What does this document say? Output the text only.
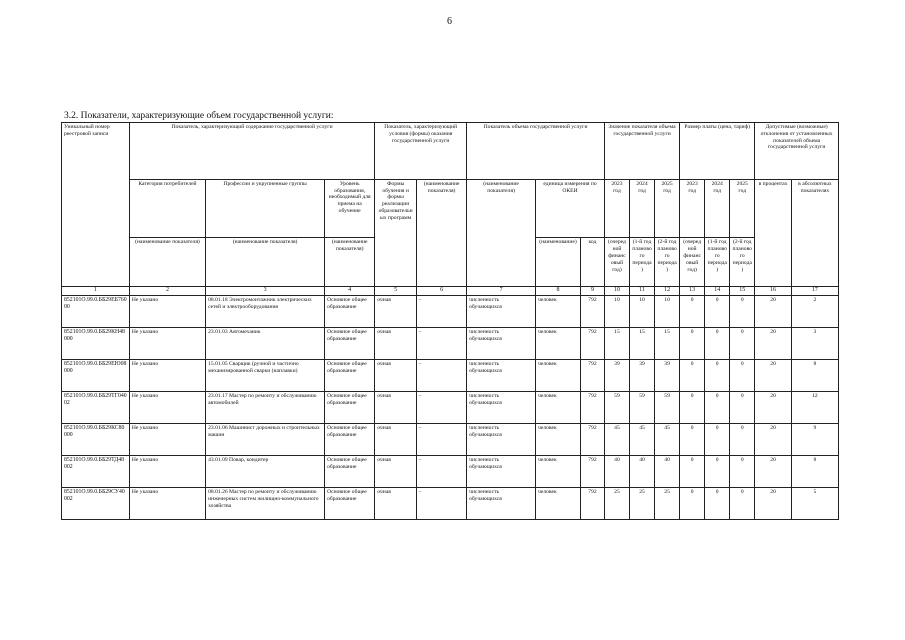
6
3.2. Показатели, характеризующие объем государственной услуги:
Уникальный номер реестровой записи	Показатель, характеризующий содержание государственной услуги			Показатель, характеризующий условия (формы) оказания государственной услуги		Показатель объема государственной услуги			Значение показателя объема государственной услуги			Размер платы (цена, тариф)			Допустимые (возможные) отклонения от установленных показателей объема государственной услуги	
	Категория потребителей	Профессии и укрупненные группы	Уровень образования, необходимый для приема на обучение	Формы обучения и формы реализации образовательных программ	(наименование показателя)	(наименование показателя)	единица измерения по ОКЕИ		2023 год	2024 год	2025 год	2023 год	2024 год	2025 год	в процентах	в абсолютных показателях
	(наименование показателя)	(наименование показателя)	(наименование показателя)				(наименование)	код	(очередной финансовый год)	(1-й год планового периода)	(2-й год планового периода)	(очередной финансовый год)	(1-й год планового периода)	(2-й год планового периода)		
1	2	3	4	5	6	7	8	9	10	11	12	13	14	15	16	17
852101О.99.0.ББ29ЕБ76000	Не указано	08.01.18 Электромонтажник электрических сетей и электрооборудования	Основное общее образование	очная	-	численность обучающихся	человек	792	10	10	10	0	0	0	20	2
852101О.99.0.ББ29КН48000	Не указано	23.01.03 Автомеханик	Основное общее образование	очная	-	численность обучающихся	человек	792	15	15	15	0	0	0	20	3
852101О.99.0.ББ29ЕЮ08000	Не указано	15.01.05 Сварщик (ручной и частично механизированной сварки (наплавки)	Основное общее образование	очная	-	численность обучающихся	человек	792	39	39	39	0	0	0	20	8
852101О.99.0.ББ29ТГ04002	Не указано	23.01.17 Мастер по ремонту и обслуживанию автомобилей	Основное общее образование	очная	-	численность обучающихся	человек	792	59	59	59	0	0	0	20	12
852101О.99.0.ББ29КС80000	Не указано	23.01.06 Машинист дорожных и строительных машин	Основное общее образование	очная	-	численность обучающихся	человек	792	45	45	45	0	0	0	20	9
852101О.99.0.ББ29ТД48002	Не указано	43.01.09 Повар, кондитер	Основное общее образование	очная	-	численность обучающихся	человек	792	40	40	40	0	0	0	20	8
852101О.99.0.ББ29СУ40002	Не указано	08.01.26 Мастер по ремонту и обслуживанию инженерных систем жилищно-коммунального хозяйства	Основное общее образование	очная	-	численность обучающихся	человек	792	25	25	25	0	0	0	20	5
